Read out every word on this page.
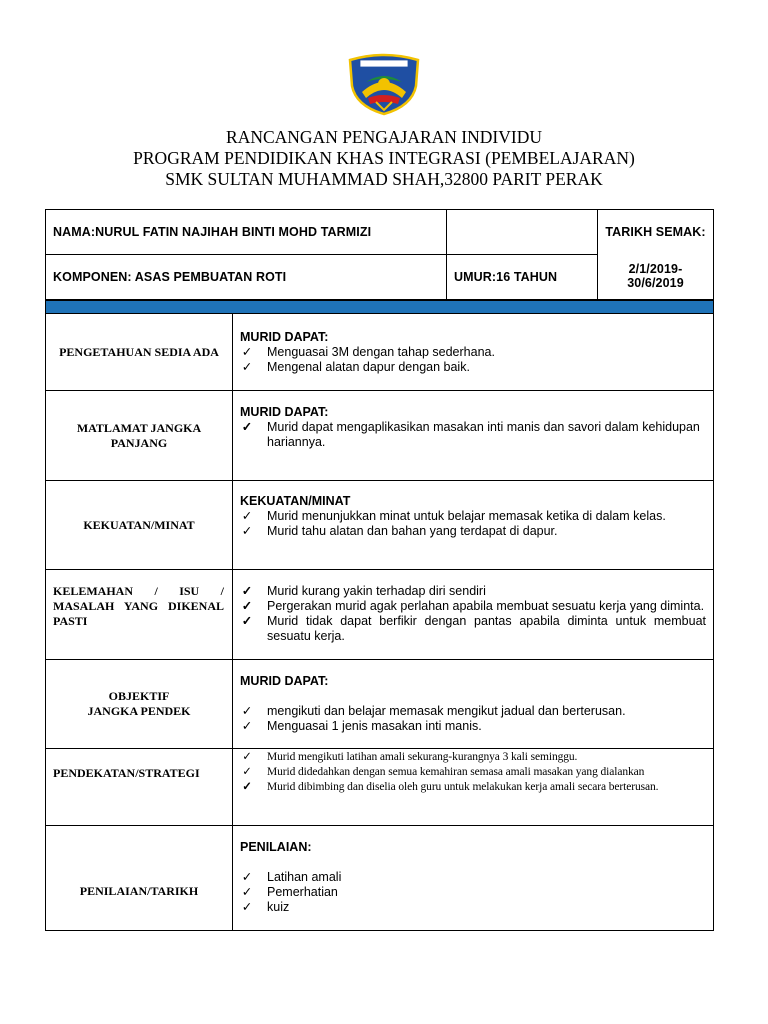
RANCANGAN PENGAJARAN INDIVIDU
PROGRAM PENDIDIKAN KHAS INTEGRASI (PEMBELAJARAN)
SMK SULTAN MUHAMMAD SHAH,32800 PARIT PERAK
NAMA:NURUL FATIN NAJIHAH BINTI MOHD TARMIZI
KOMPONEN: ASAS PEMBUATAN ROTI	UMUR:16 TAHUN
TARIKH SEMAK:
2/1/2019-
30/6/2019
PENGETAHUAN SEDIA ADA
MURID DAPAT:
✓ Menguasai 3M dengan tahap sederhana.
✓ Mengenal alatan dapur dengan baik.
MATLAMAT JANGKA PANJANG
MURID DAPAT:
✓ Murid dapat mengaplikasikan masakan inti manis dan savori dalam kehidupan hariannya.
KEKUATAN/MINAT
KEKUATAN/MINAT
✓ Murid menunjukkan minat untuk belajar memasak ketika di dalam kelas.
✓ Murid tahu alatan dan bahan yang terdapat di dapur.
KELEMAHAN / ISU / MASALAH YANG DIKENAL PASTI
✓ Murid kurang yakin terhadap diri sendiri
✓ Pergerakan murid agak perlahan apabila membuat sesuatu kerja yang diminta.
✓ Murid tidak dapat berfikir dengan pantas apabila diminta untuk membuat sesuatu kerja.
OBJEKTIF JANGKA PENDEK
MURID DAPAT:
✓ mengikuti dan belajar memasak mengikut jadual dan berterusan.
✓ Menguasai 1 jenis masakan inti manis.
PENDEKATAN/STRATEGI
✓ Murid mengikuti latihan amali sekurang-kurangnya 3 kali seminggu.
✓ Murid didedahkan dengan semua kemahiran semasa amali masakan yang dialankan
✓ Murid dibimbing dan diselia oleh guru untuk melakukan kerja amali secara berterusan.
PENILAIAN/TARIKH
PENILAIAN:
✓ Latihan amali
✓ Pemerhatian
✓ kuiz
